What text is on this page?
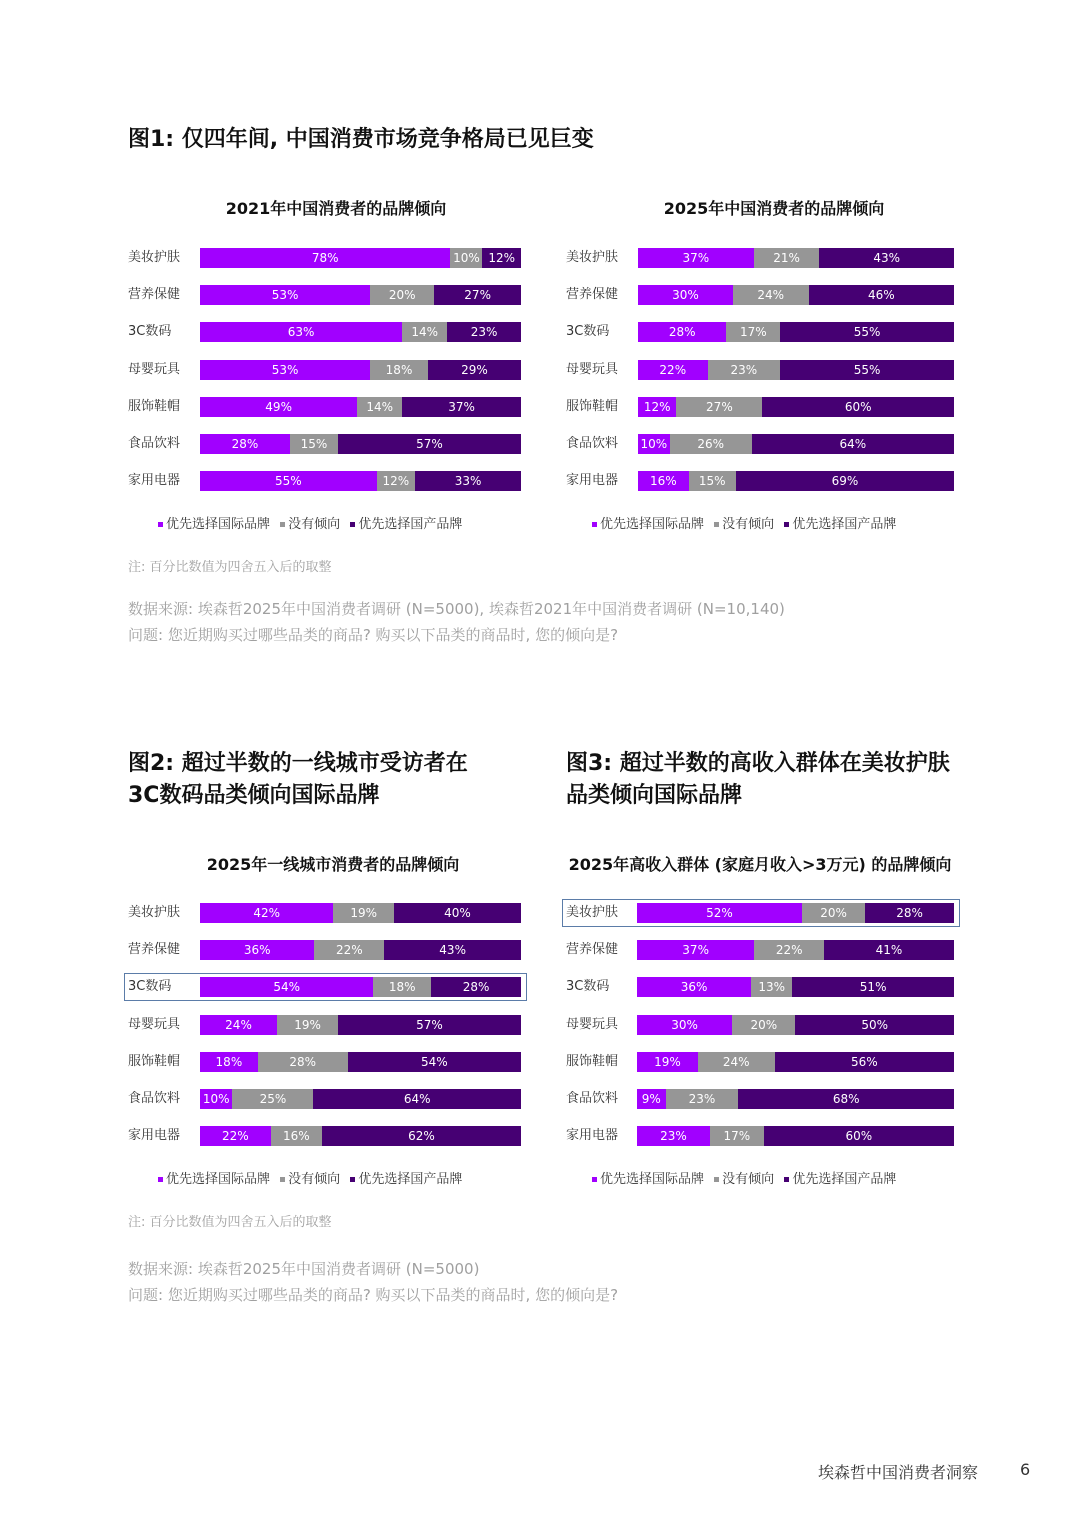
图1: 仅四年间, 中国消费市场竞争格局已见巨变
2021年中国消费者的品牌倾向	2025年中国消费者的品牌倾向
美妆护肤	78%	10% 12%
营养保健	53%	20%	27%
3C数码	63%	14%	23%
母婴玩具	53%	18%	29%
服饰鞋帽	49%	14%	37%
食品饮料	28%	15%	57%
家用电器	55%	12%	33%
美妆护肤	37%	21%	43%
营养保健	30%	24%	46%
3C数码	28%	17%	55%
母婴玩具	22%	23%	55%
服饰鞋帽	12%	27%	60%
食品饮料	10%	26%	64%
家用电器	16%	15%	69%
优先选择国际品牌 没有倾向 优先选择国产品牌	优先选择国际品牌 没有倾向 优先选择国产品牌
注: 百分比数值为四舍五入后的取整
数据来源: 埃森哲2025年中国消费者调研 (N=5000), 埃森哲2021年中国消费者调研 (N=10,140)
问题: 您近期购买过哪些品类的商品? 购买以下品类的商品时, 您的倾向是?
图2: 超过半数的一线城市受访者在
3C数码品类倾向国际品牌
图3: 超过半数的高收入群体在美妆护肤
品类倾向国际品牌
2025年一线城市消费者的品牌倾向	2025年高收入群体 (家庭月收入>3万元) 的品牌倾向
美妆护肤	42%	19%	40%
营养保健	36%	22%	43%
3C数码	54%	18%	28%
母婴玩具	24%	19%	57%
服饰鞋帽	18%	28%	54%
食品饮料	10%	25%	64%
家用电器	22%	16%	62%
美妆护肤	52%	20%	28%
营养保健	37%	22%	41%
3C数码	36%	13%	51%
母婴玩具	30%	20%	50%
服饰鞋帽	19%	24%	56%
食品饮料	9%	23%	68%
家用电器	23%	17%	60%
优先选择国际品牌 没有倾向 优先选择国产品牌	优先选择国际品牌 没有倾向 优先选择国产品牌
注: 百分比数值为四舍五入后的取整
数据来源: 埃森哲2025年中国消费者调研 (N=5000)
问题: 您近期购买过哪些品类的商品? 购买以下品类的商品时, 您的倾向是?
埃森哲中国消费者洞察	6
